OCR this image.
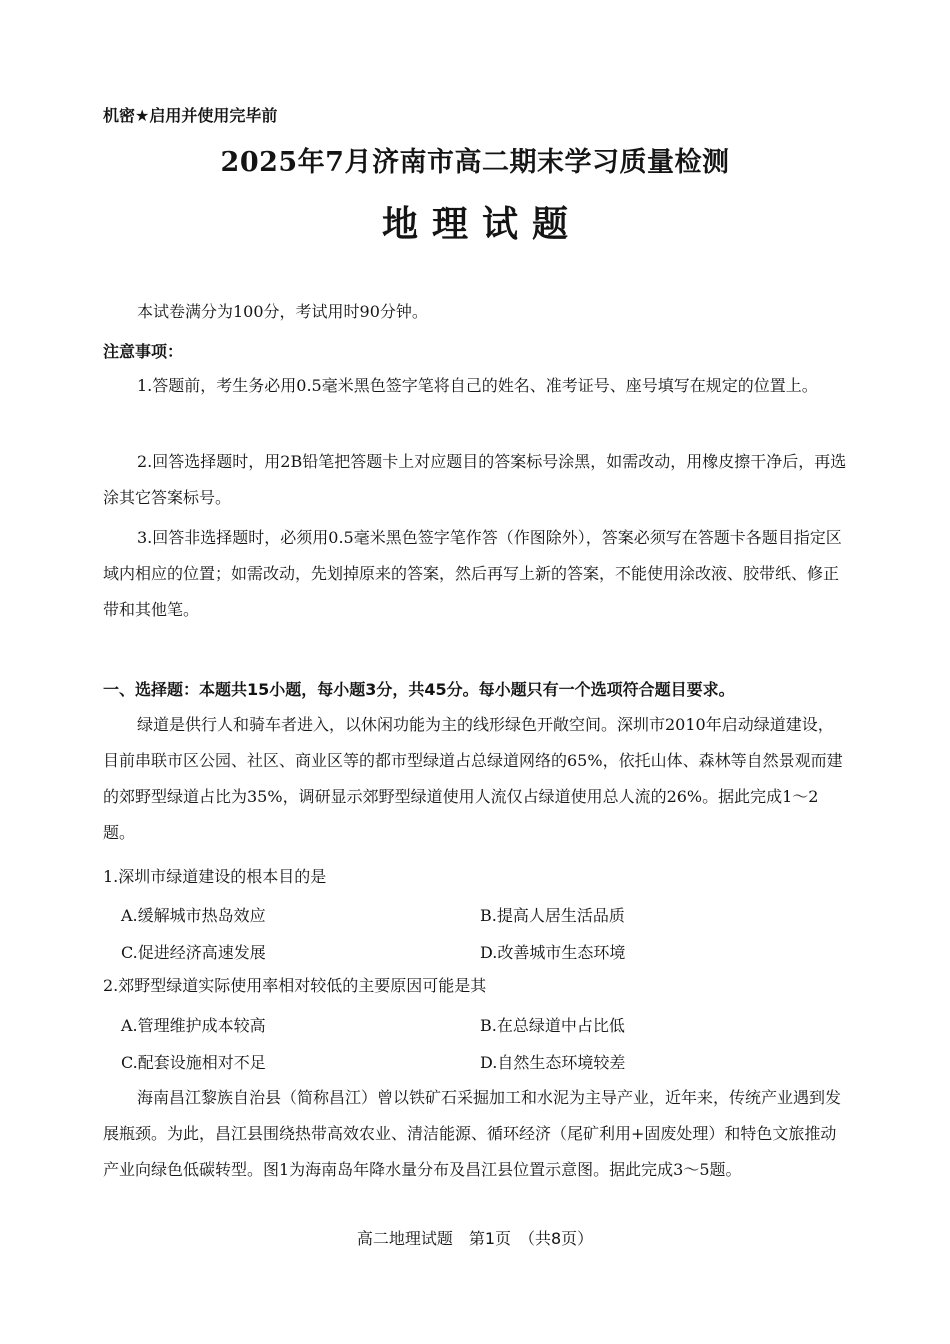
机密★启用并使用完毕前
2025年7月济南市高二期末学习质量检测
地理试题
本试卷满分为100分，考试用时90分钟。
注意事项：
1.答题前，考生务必用0.5毫米黑色签字笔将自己的姓名、准考证号、座号填写在规定的位置上。
2.回答选择题时，用2B铅笔把答题卡上对应题目的答案标号涂黑，如需改动，用橡皮擦干净后，再选涂其它答案标号。
3.回答非选择题时，必须用0.5毫米黑色签字笔作答（作图除外），答案必须写在答题卡各题目指定区域内相应的位置；如需改动，先划掉原来的答案，然后再写上新的答案，不能使用涂改液、胶带纸、修正带和其他笔。
一、选择题：本题共15小题，每小题3分，共45分。每小题只有一个选项符合题目要求。
绿道是供行人和骑车者进入，以休闲功能为主的线形绿色开敞空间。深圳市2010年启动绿道建设，目前串联市区公园、社区、商业区等的都市型绿道占总绿道网络的65%，依托山体、森林等自然景观而建的郊野型绿道占比为35%，调研显示郊野型绿道使用人流仅占绿道使用总人流的26%。据此完成1～2题。
1.深圳市绿道建设的根本目的是
A.缓解城市热岛效应	B.提高人居生活品质
C.促进经济高速发展	D.改善城市生态环境
2.郊野型绿道实际使用率相对较低的主要原因可能是其
A.管理维护成本较高	B.在总绿道中占比低
C.配套设施相对不足	D.自然生态环境较差
海南昌江黎族自治县（简称昌江）曾以铁矿石采掘加工和水泥为主导产业，近年来，传统产业遇到发展瓶颈。为此，昌江县围绕热带高效农业、清洁能源、循环经济（尾矿利用+固废处理）和特色文旅推动产业向绿色低碳转型。图1为海南岛年降水量分布及昌江县位置示意图。据此完成3～5题。
高二地理试题　第1页　（共8页）
